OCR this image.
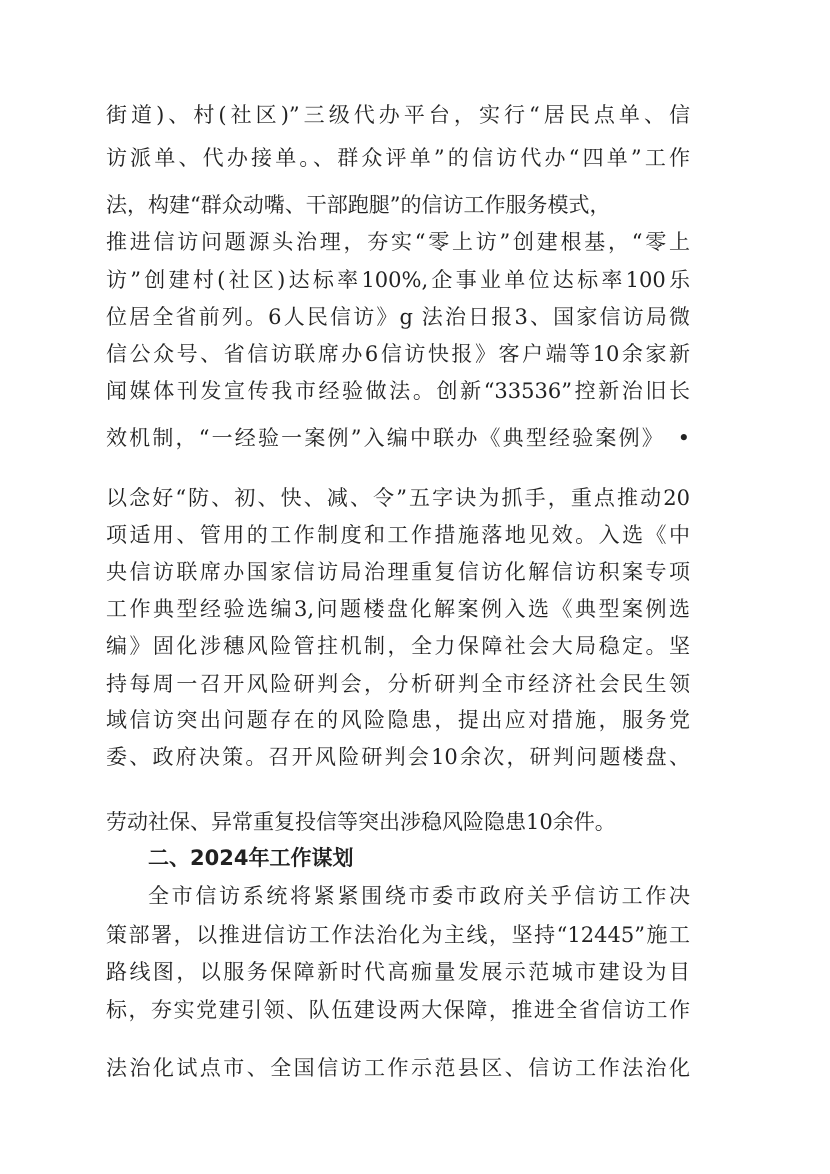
街道)、村(社区)”三级代办平台，实行“居民点单、信
访派单、代办接单。、群众评单”的信访代办“四单”工作
法，构建“群众动嘴、干部跑腿”的信访工作服务模式，
推进信访问题源头治理，夯实“零上访”创建根基，“零上
访”创建村(社区)达标率100%,企事业单位达标率100乐
位居全省前列。6人民信访》g 法治日报3、国家信访局微
信公众号、省信访联席办6信访快报》客户端等10余家新
闻媒体刊发宣传我市经验做法。创新“33536”控新治旧长
效机制，“一经验一案例”入编中联办《典型经验案例》　•
以念好“防、初、快、减、令”五字诀为抓手，重点推动20
项适用、管用的工作制度和工作措施落地见效。入选《中
央信访联席办国家信访局治理重复信访化解信访积案专项
工作典型经验选编3,问题楼盘化解案例入选《典型案例选
编》固化涉穗风险管拄机制，全力保障社会大局稳定。坚
持每周一召开风险研判会，分析研判全市经济社会民生领
域信访突出问题存在的风险隐患，提出应对措施，服务党
委、政府决策。召开风险研判会10余次，研判问题楼盘、
劳动社保、异常重复投信等突出涉稳风险隐患10余件。
二、2024年工作谋划
全市信访系统将紧紧围绕市委市政府关乎信访工作决
策部署，以推进信访工作法治化为主线，坚持“12445”施工
路线图，以服务保障新时代高痂量发展示范城市建设为目
标，夯实党建引领、队伍建设两大保障，推进全省信访工作
法治化试点市、全国信访工作示范县区、信访工作法治化
